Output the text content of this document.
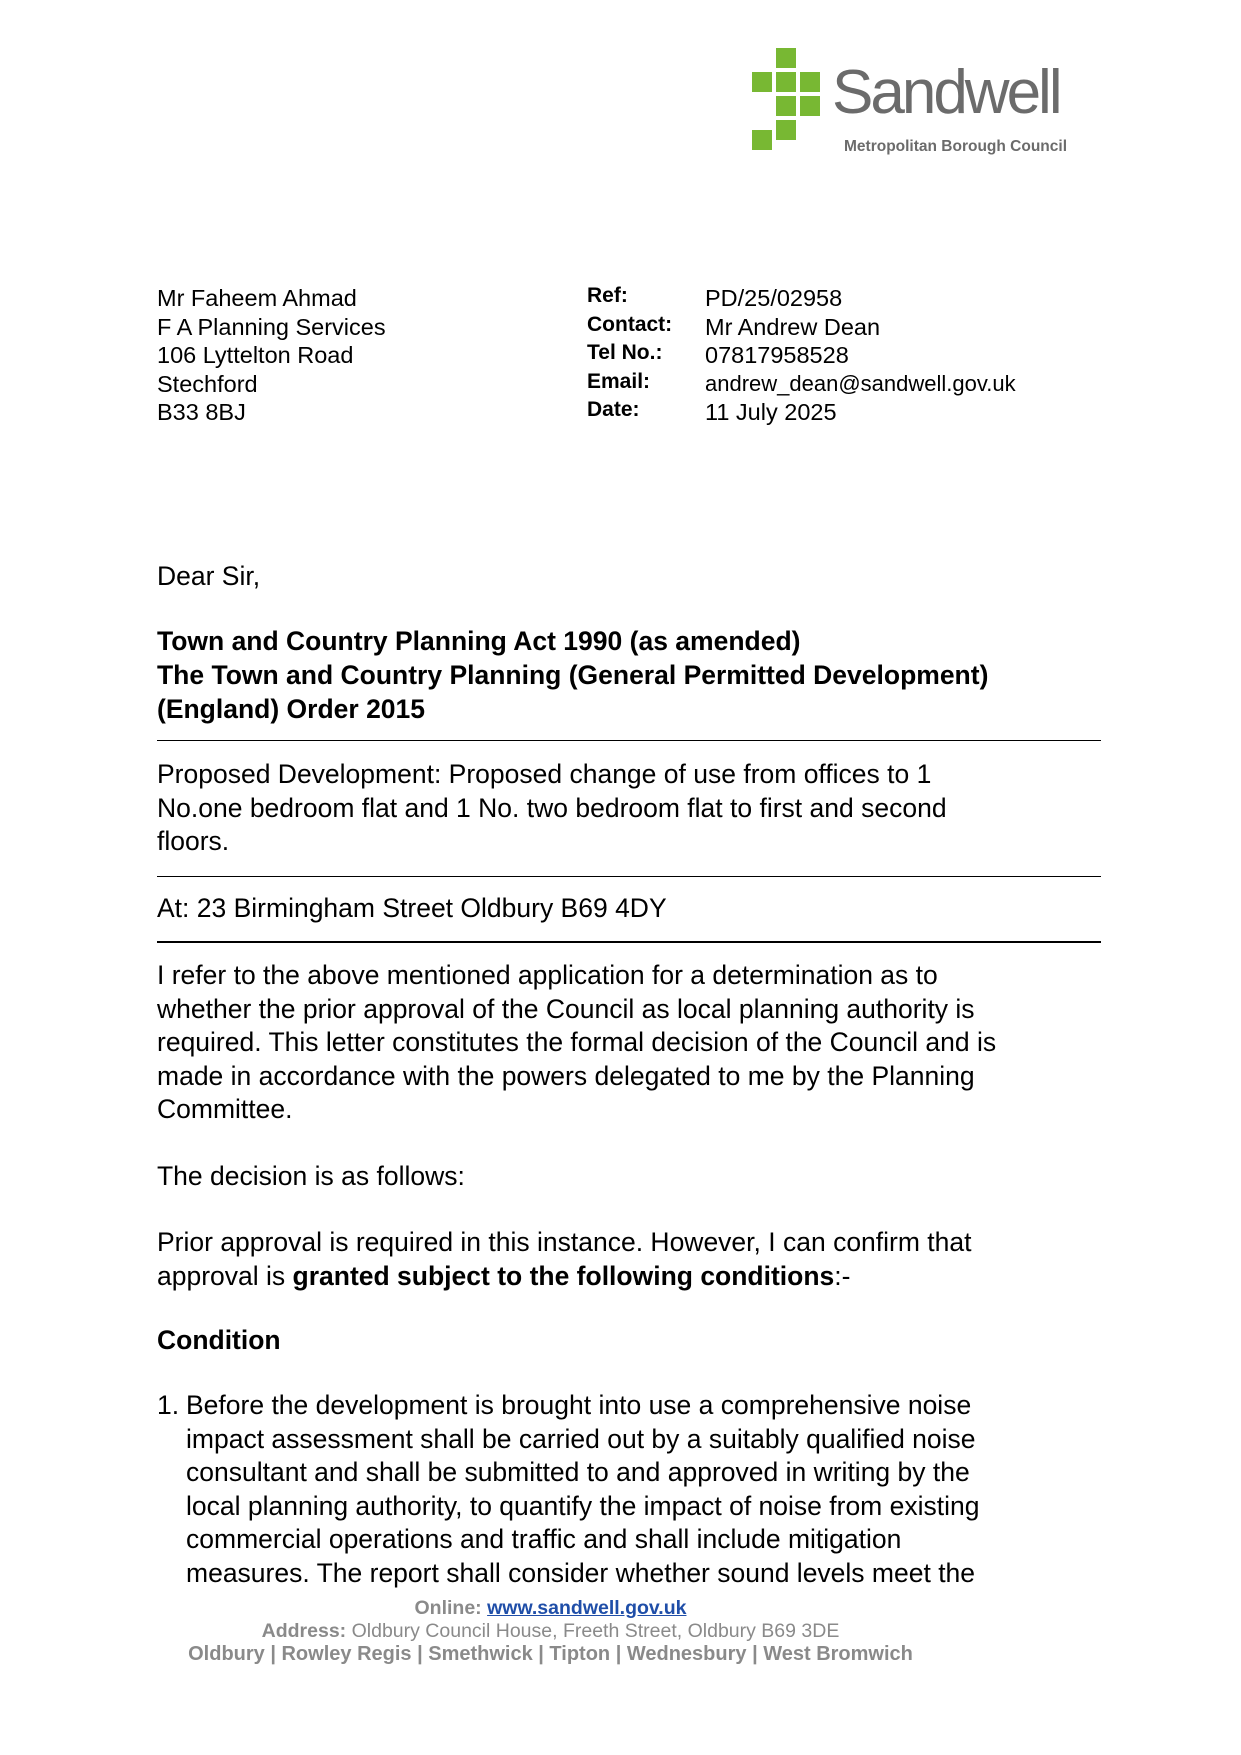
Sandwell
Metropolitan Borough Council
Mr Faheem Ahmad
F A Planning Services
106 Lyttelton Road
Stechford
B33 8BJ
Ref:	PD/25/02958
Contact: Mr Andrew Dean
Tel No.: 07817958528
Email: andrew_dean@sandwell.gov.uk
Date:	11 July 2025
Dear Sir,
Town and Country Planning Act 1990 (as amended)
The Town and Country Planning (General Permitted Development)
(England) Order 2015
Proposed Development: Proposed change of use from offices to 1
No.one bedroom flat and 1 No. two bedroom flat to first and second
floors.
At: 23 Birmingham Street Oldbury B69 4DY
I refer to the above mentioned application for a determination as to
whether the prior approval of the Council as local planning authority is
required. This letter constitutes the formal decision of the Council and is
made in accordance with the powers delegated to me by the Planning
Committee.
The decision is as follows:
Prior approval is required in this instance. However, I can confirm that
approval is granted subject to the following conditions:-
Condition
1. Before the development is brought into use a comprehensive noise
impact assessment shall be carried out by a suitably qualified noise
consultant and shall be submitted to and approved in writing by the
local planning authority, to quantify the impact of noise from existing
commercial operations and traffic and shall include mitigation
measures. The report shall consider whether sound levels meet the
Online: www.sandwell.gov.uk
Address: Oldbury Council House, Freeth Street, Oldbury B69 3DE
Oldbury | Rowley Regis | Smethwick | Tipton | Wednesbury | West Bromwich
